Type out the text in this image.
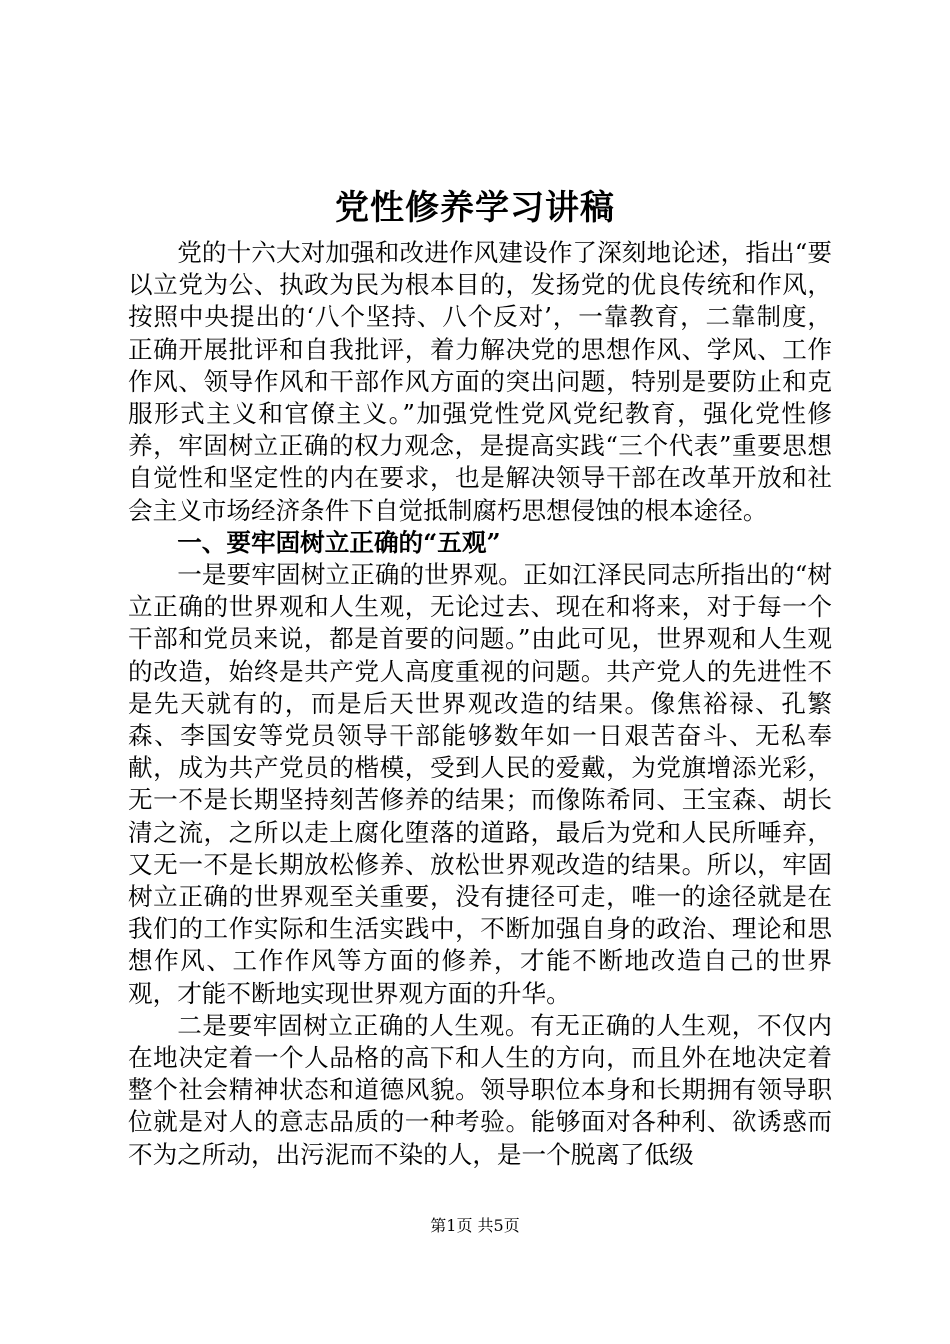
党性修养学习讲稿

党的十六大对加强和改进作风建设作了深刻地论述，指出“要以立党为公、执政为民为根本目的，发扬党的优良传统和作风，按照中央提出的‘八个坚持、八个反对’，一靠教育，二靠制度，正确开展批评和自我批评，着力解决党的思想作风、学风、工作作风、领导作风和干部作风方面的突出问题，特别是要防止和克服形式主义和官僚主义。”加强党性党风党纪教育，强化党性修养，牢固树立正确的权力观念，是提高实践“三个代表”重要思想自觉性和坚定性的内在要求，也是解决领导干部在改革开放和社会主义市场经济条件下自觉抵制腐朽思想侵蚀的根本途径。

一、要牢固树立正确的“五观”

一是要牢固树立正确的世界观。正如江泽民同志所指出的“树立正确的世界观和人生观，无论过去、现在和将来，对于每一个干部和党员来说，都是首要的问题。”由此可见，世界观和人生观的改造，始终是共产党人高度重视的问题。共产党人的先进性不是先天就有的，而是后天世界观改造的结果。像焦裕禄、孔繁森、李国安等党员领导干部能够数年如一日艰苦奋斗、无私奉献，成为共产党员的楷模，受到人民的爱戴，为党旗增添光彩，无一不是长期坚持刻苦修养的结果；而像陈希同、王宝森、胡长清之流，之所以走上腐化堕落的道路，最后为党和人民所唾弃，又无一不是长期放松修养、放松世界观改造的结果。所以，牢固树立正确的世界观至关重要，没有捷径可走，唯一的途径就是在我们的工作实际和生活实践中，不断加强自身的政治、理论和思想作风、工作作风等方面的修养，才能不断地改造自己的世界观，才能不断地实现世界观方面的升华。

二是要牢固树立正确的人生观。有无正确的人生观，不仅内在地决定着一个人品格的高下和人生的方向，而且外在地决定着整个社会精神状态和道德风貌。领导职位本身和长期拥有领导职位就是对人的意志品质的一种考验。能够面对各种利、欲诱惑而不为之所动，出污泥而不染的人，是一个脱离了低级

第1页 共5页
